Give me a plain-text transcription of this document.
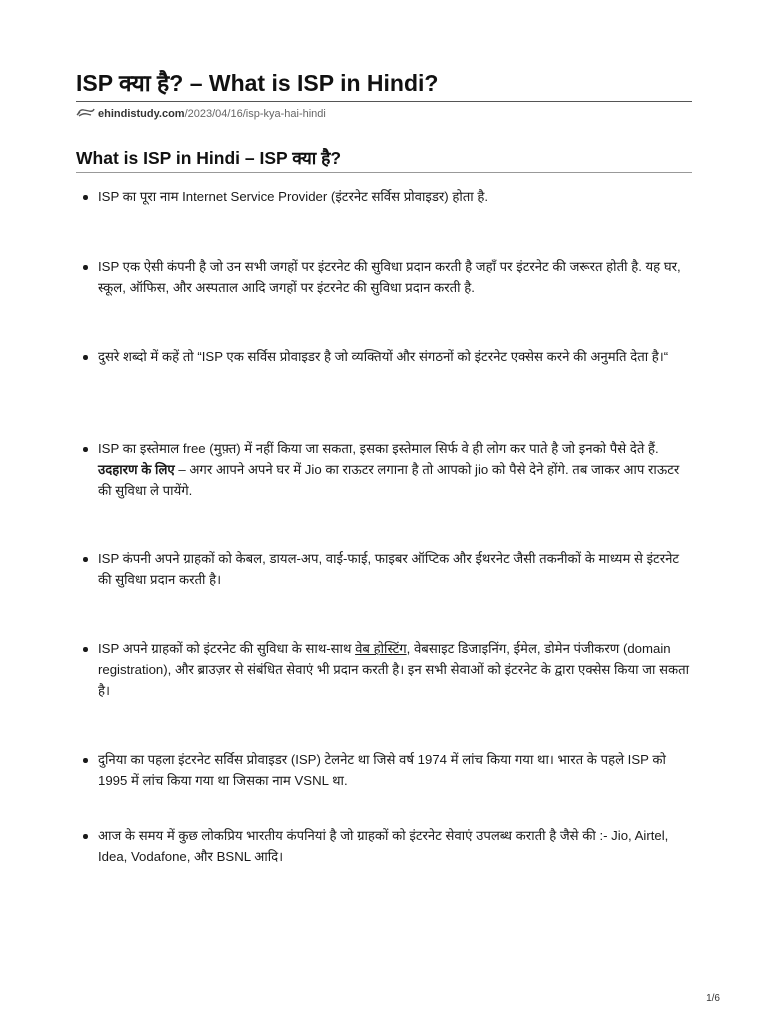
ISP क्या है? – What is ISP in Hindi?
ehindistudy.com /2023/04/16/isp-kya-hai-hindi
What is ISP in Hindi – ISP क्या है?
ISP का पूरा नाम Internet Service Provider (इंटरनेट सर्विस प्रोवाइडर) होता है.
ISP एक ऐसी कंपनी है जो उन सभी जगहों पर इंटरनेट की सुविधा प्रदान करती है जहाँ पर इंटरनेट की जरूरत होती है. यह घर, स्कूल, ऑफिस, और अस्पताल आदि जगहों पर इंटरनेट की सुविधा प्रदान करती है.
दुसरे शब्दो में कहें तो “ISP एक सर्विस प्रोवाइडर है जो व्यक्तियों और संगठनों को इंटरनेट एक्सेस करने की अनुमति देता है।“
ISP का इस्तेमाल free (मुफ़्त) में नहीं किया जा सकता, इसका इस्तेमाल सिर्फ वे ही लोग कर पाते है जो इनको पैसे देते हैं. उदहारण के लिए – अगर आपने अपने घर में Jio का राऊटर लगाना है तो आपको jio को पैसे देने होंगे. तब जाकर आप राऊटर की सुविधा ले पायेंगे.
ISP कंपनी अपने ग्राहकों को केबल, डायल-अप, वाई-फाई, फाइबर ऑप्टिक और ईथरनेट जैसी तकनीकों के माध्यम से इंटरनेट की सुविधा प्रदान करती है।
ISP अपने ग्राहकों को इंटरनेट की सुविधा के साथ-साथ वेब होस्टिंग, वेबसाइट डिजाइनिंग, ईमेल, डोमेन पंजीकरण (domain registration), और ब्राउज़र से संबंधित सेवाएं भी प्रदान करती है। इन सभी सेवाओं को इंटरनेट के द्वारा एक्सेस किया जा सकता है।
दुनिया का पहला इंटरनेट सर्विस प्रोवाइडर (ISP) टेलनेट था जिसे वर्ष 1974 में लांच किया गया था। भारत के पहले ISP को 1995 में लांच किया गया था जिसका नाम VSNL था.
आज के समय में कुछ लोकप्रिय भारतीय कंपनियां है जो ग्राहकों को इंटरनेट सेवाएं उपलब्ध कराती है जैसे की :- Jio, Airtel, Idea, Vodafone, और BSNL आदि।
1/6
